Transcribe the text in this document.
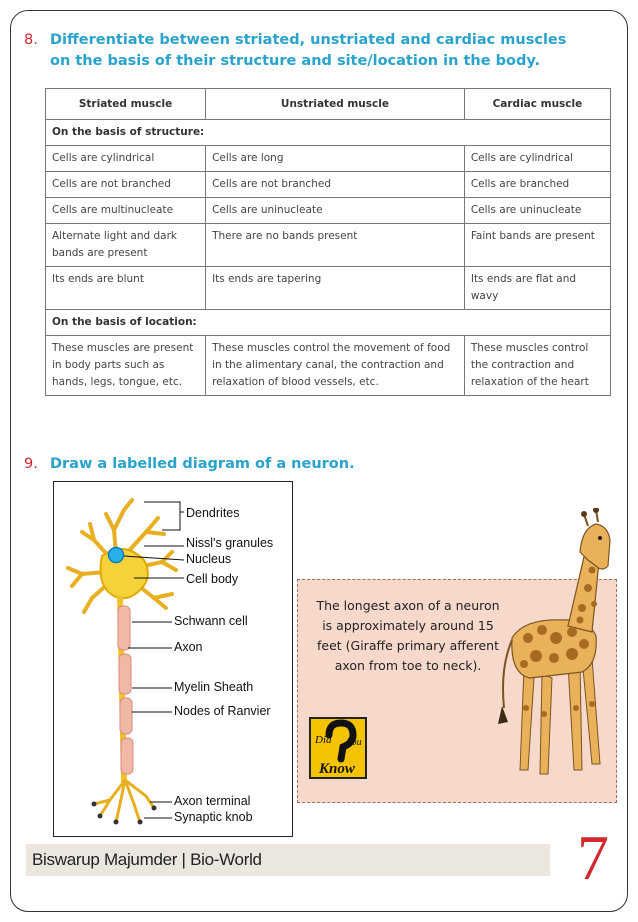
8. Differentiate between striated, unstriated and cardiac muscles
on the basis of their structure and site/location in the body.
Striated muscle	Unstriated muscle	Cardiac muscle
On the basis of structure:		
Cells are cylindrical	Cells are long	Cells are cylindrical
Cells are not branched	Cells are not branched	Cells are branched
Cells are multinucleate	Cells are uninucleate	Cells are uninucleate
Alternate light and dark bands are present	There are no bands present	Faint bands are present
Its ends are blunt	Its ends are tapering	Its ends are flat and wavy
On the basis of location:		
These muscles are present in body parts such as hands, legs, tongue, etc.	These muscles control the movement of food in the alimentary canal, the contraction and relaxation of blood vessels, etc.	These muscles control the contraction and relaxation of the heart
9. Draw a labelled diagram of a neuron.
Dendrites
Nissl's granules
Nucleus
Cell body
Schwann cell
Axon
Myelin Sheath
Nodes of Ranvier
Axon terminal
Synaptic knob
The longest axon of a neuron is approximately around 15 feet (Giraffe primary afferent axon from toe to neck).
Did You
Know
Biswarup Majumder | Bio-World	7
